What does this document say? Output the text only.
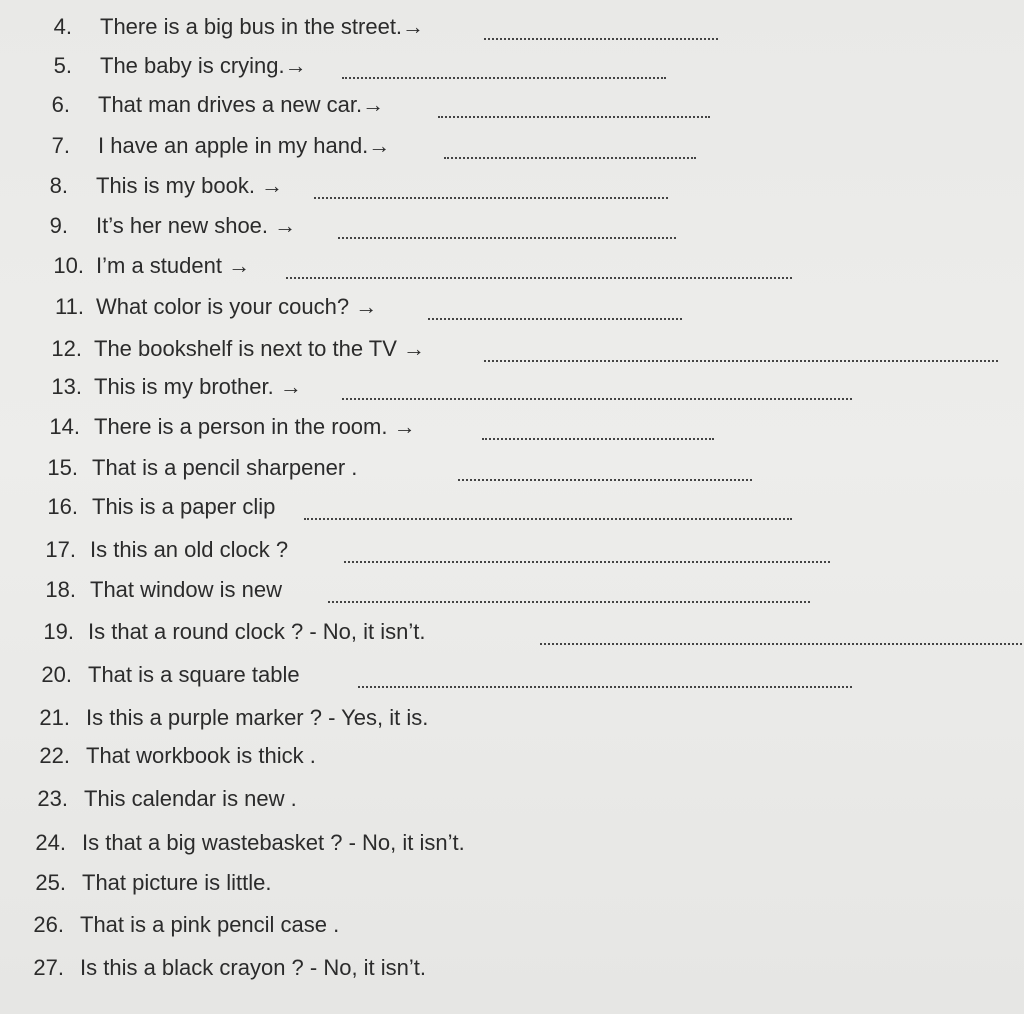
4. There is a big bus in the street.→
5. The baby is crying.→
6. That man drives a new car.→
7. I have an apple in my hand.→
8. This is my book. →
9. It’s her new shoe. →
10. I’m a student →
11. What color is your couch? →
12. The bookshelf is next to the TV →
13. This is my brother. →
14. There is a person in the room. →
15. That is a pencil sharpener .
16. This is a paper clip
17. Is this an old clock ?
18. That window is new
19. Is that a round clock ? - No, it isn’t.
20. That is a square table
21. Is this a purple marker ? - Yes, it is.
22. That workbook is thick .
23. This calendar is new .
24. Is that a big wastebasket ? - No, it isn’t.
25. That picture is little.
26. That is a pink pencil case .
27. Is this a black crayon ? - No, it isn’t.
